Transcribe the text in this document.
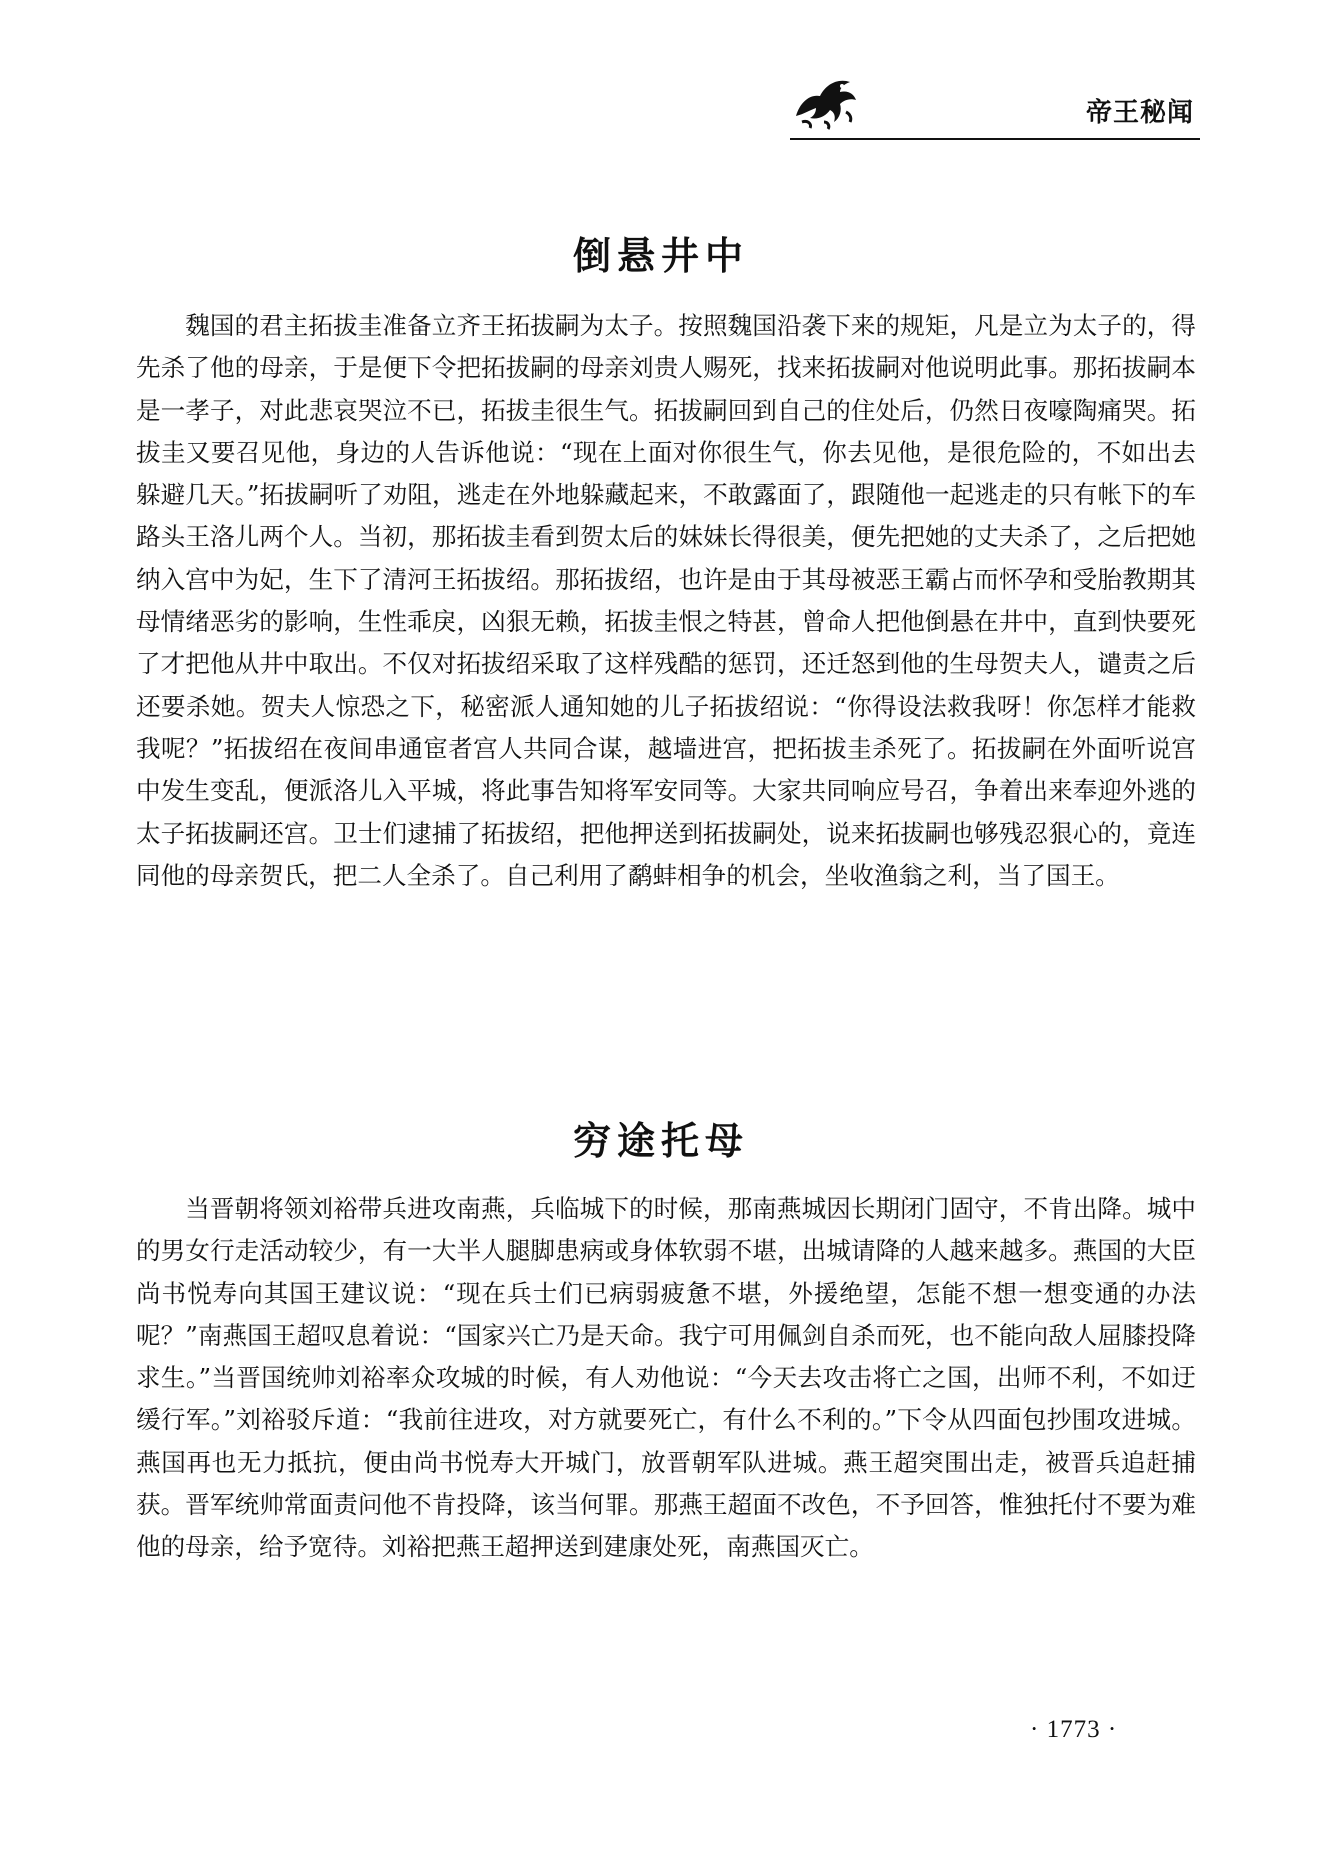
帝王秘闻
倒悬井中

魏国的君主拓拔圭准备立齐王拓拔嗣为太子。按照魏国沿袭下来的规矩，凡是立为太子的，得先杀了他的母亲，于是便下令把拓拔嗣的母亲刘贵人赐死，找来拓拔嗣对他说明此事。那拓拔嗣本是一孝子，对此悲哀哭泣不已，拓拔圭很生气。拓拔嗣回到自己的住处后，仍然日夜嚎陶痛哭。拓拔圭又要召见他，身边的人告诉他说：“现在上面对你很生气，你去见他，是很危险的，不如出去躲避几天。”拓拔嗣听了劝阻，逃走在外地躲藏起来，不敢露面了，跟随他一起逃走的只有帐下的车路头王洛儿两个人。当初，那拓拔圭看到贺太后的妹妹长得很美，便先把她的丈夫杀了，之后把她纳入宫中为妃，生下了清河王拓拔绍。那拓拔绍，也许是由于其母被恶王霸占而怀孕和受胎教期其母情绪恶劣的影响，生性乖戾，凶狠无赖，拓拔圭恨之特甚，曾命人把他倒悬在井中，直到快要死了才把他从井中取出。不仅对拓拔绍采取了这样残酷的惩罚，还迁怒到他的生母贺夫人，谴责之后还要杀她。贺夫人惊恐之下，秘密派人通知她的儿子拓拔绍说：“你得设法救我呀！你怎样才能救我呢？”拓拔绍在夜间串通宦者宫人共同合谋，越墙进宫，把拓拔圭杀死了。拓拔嗣在外面听说宫中发生变乱，便派洛儿入平城，将此事告知将军安同等。大家共同响应号召，争着出来奉迎外逃的太子拓拔嗣还宫。卫士们逮捕了拓拔绍，把他押送到拓拔嗣处，说来拓拔嗣也够残忍狠心的，竟连同他的母亲贺氏，把二人全杀了。自己利用了鹬蚌相争的机会，坐收渔翁之利，当了国王。

穷途托母

当晋朝将领刘裕带兵进攻南燕，兵临城下的时候，那南燕城因长期闭门固守，不肯出降。城中的男女行走活动较少，有一大半人腿脚患病或身体软弱不堪，出城请降的人越来越多。燕国的大臣尚书悦寿向其国王建议说：“现在兵士们已病弱疲惫不堪，外援绝望，怎能不想一想变通的办法呢？”南燕国王超叹息着说：“国家兴亡乃是天命。我宁可用佩剑自杀而死，也不能向敌人屈膝投降求生。”当晋国统帅刘裕率众攻城的时候，有人劝他说：“今天去攻击将亡之国，出师不利，不如迂缓行军。”刘裕驳斥道：“我前往进攻，对方就要死亡，有什么不利的。”下令从四面包抄围攻进城。燕国再也无力抵抗，便由尚书悦寿大开城门，放晋朝军队进城。燕王超突围出走，被晋兵追赶捕获。晋军统帅常面责问他不肯投降，该当何罪。那燕王超面不改色，不予回答，惟独托付不要为难他的母亲，给予宽待。刘裕把燕王超押送到建康处死，南燕国灭亡。

· 1773 ·
